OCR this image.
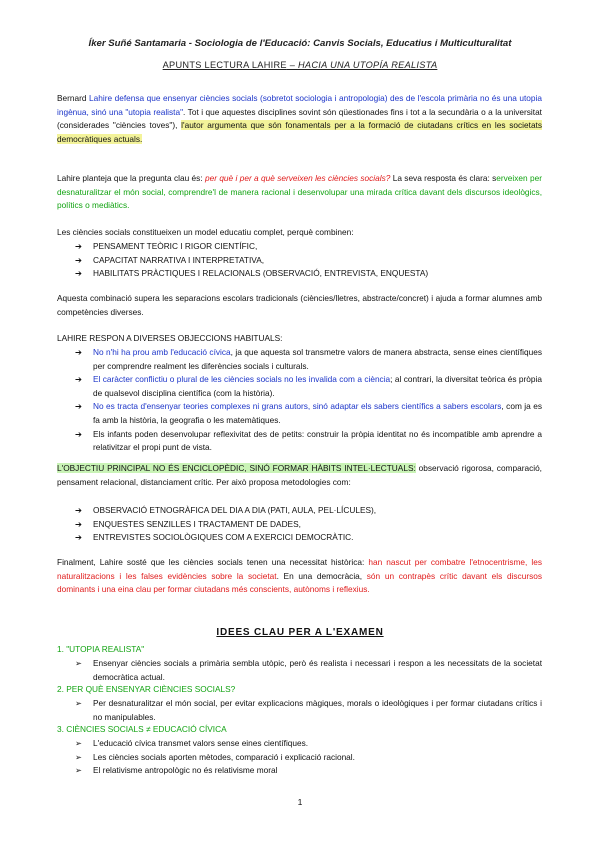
Íker Suñé Santamaria - Sociologia de l'Educació: Canvis Socials, Educatius i Multiculturalitat
APUNTS LECTURA LAHIRE – HACIA UNA UTOPÍA REALISTA

Bernard Lahire defensa que ensenyar ciències socials (sobretot sociologia i antropologia) des de l'escola primària no és una utopia ingènua, sinó una "utopia realista". Tot i que aquestes disciplines sovint són qüestionades fins i tot a la secundària o a la universitat (considerades "ciències toves"), l'autor argumenta que són fonamentals per a la formació de ciutadans crítics en les societats democràtiques actuals.

Lahire planteja que la pregunta clau és: per què i per a què serveixen les ciències socials? La seva resposta és clara: serveixen per desnaturalitzar el món social, comprendre'l de manera racional i desenvolupar una mirada crítica davant dels discursos ideològics, polítics o mediàtics.

Les ciències socials constitueixen un model educatiu complet, perquè combinen:

➔ PENSAMENT TEÒRIC I RIGOR CIENTÍFIC,
➔ CAPACITAT NARRATIVA I INTERPRETATIVA,
➔ HABILITATS PRÀCTIQUES I RELACIONALS (OBSERVACIÓ, ENTREVISTA, ENQUESTA)

Aquesta combinació supera les separacions escolars tradicionals (ciències/lletres, abstracte/concret) i ajuda a formar alumnes amb competències diverses.

LAHIRE RESPON A DIVERSES OBJECCIONS HABITUALS:

➔ No n'hi ha prou amb l'educació cívica, ja que aquesta sol transmetre valors de manera abstracta, sense eines científiques per comprendre realment les diferències socials i culturals.
➔ El caràcter conflictiu o plural de les ciències socials no les invalida com a ciència; al contrari, la diversitat teòrica és pròpia de qualsevol disciplina científica (com la història).
➔ No es tracta d'ensenyar teories complexes ni grans autors, sinó adaptar els sabers científics a sabers escolars, com ja es fa amb la història, la geografia o les matemàtiques.
➔ Els infants poden desenvolupar reflexivitat des de petits: construir la pròpia identitat no és incompatible amb aprendre a relativitzar el propi punt de vista.

L'OBJECTIU PRINCIPAL NO ÉS ENCICLOPÈDIC, SINÓ FORMAR HÀBITS INTEL·LECTUALS: observació rigorosa, comparació, pensament relacional, distanciament crític. Per això proposa metodologies com:

➔ OBSERVACIÓ ETNOGRÀFICA DEL DIA A DIA (PATI, AULA, PEL·LÍCULES),
➔ ENQUESTES SENZILLES I TRACTAMENT DE DADES,
➔ ENTREVISTES SOCIOLÒGIQUES COM A EXERCICI DEMOCRÀTIC.

Finalment, Lahire sosté que les ciències socials tenen una necessitat històrica: han nascut per combatre l'etnocentrisme, les naturalitzacions i les falses evidències sobre la societat. En una democràcia, són un contrapès crític davant els discursos dominants i una eina clau per formar ciutadans més conscients, autònoms i reflexius.

IDEES CLAU PER A L'EXAMEN
1. "UTOPIA REALISTA"
➢ Ensenyar ciències socials a primària sembla utòpic, però és realista i necessari i respon a les necessitats de la societat democràtica actual.
2. PER QUÈ ENSENYAR CIÈNCIES SOCIALS?
➢ Per desnaturalitzar el món social, per evitar explicacions màgiques, morals o ideològiques i per formar ciutadans crítics i no manipulables.
3. CIÈNCIES SOCIALS ≠ EDUCACIÓ CÍVICA
➢ L'educació cívica transmet valors sense eines científiques.
➢ Les ciències socials aporten mètodes, comparació i explicació racional.
➢ El relativisme antropològic no és relativisme moral
1
